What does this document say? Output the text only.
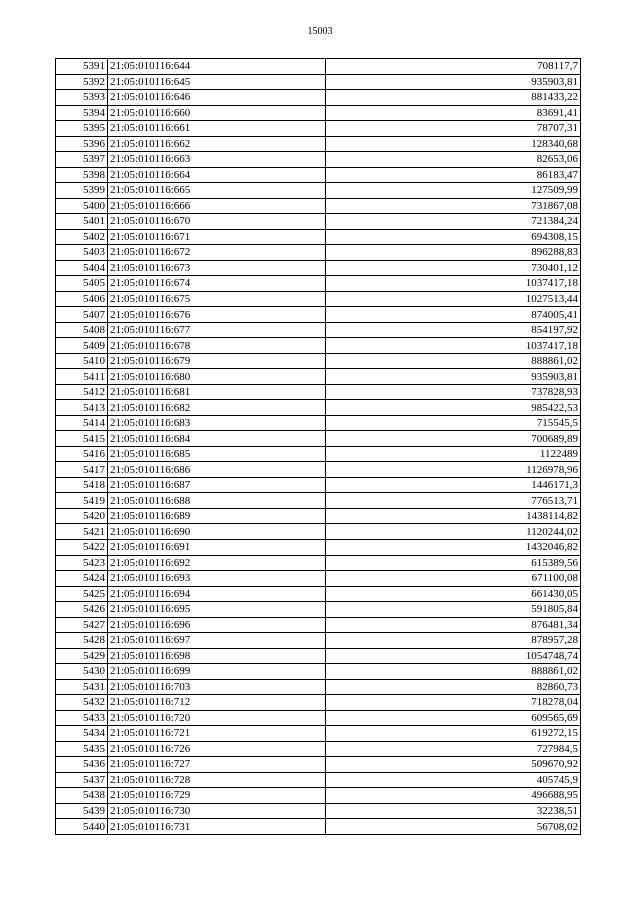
15003
5391	21:05:010116:644	708117,7
5392	21:05:010116:645	935903,81
5393	21:05:010116:646	881433,22
5394	21:05:010116:660	83691,41
5395	21:05:010116:661	78707,31
5396	21:05:010116:662	128340,68
5397	21:05:010116:663	82653,06
5398	21:05:010116:664	86183,47
5399	21:05:010116:665	127509,99
5400	21:05:010116:666	731867,08
5401	21:05:010116:670	721384,24
5402	21:05:010116:671	694308,15
5403	21:05:010116:672	896288,83
5404	21:05:010116:673	730401,12
5405	21:05:010116:674	1037417,18
5406	21:05:010116:675	1027513,44
5407	21:05:010116:676	874005,41
5408	21:05:010116:677	854197,92
5409	21:05:010116:678	1037417,18
5410	21:05:010116:679	888861,02
5411	21:05:010116:680	935903,81
5412	21:05:010116:681	737828,93
5413	21:05:010116:682	985422,53
5414	21:05:010116:683	715545,5
5415	21:05:010116:684	700689,89
5416	21:05:010116:685	1122489
5417	21:05:010116:686	1126978,96
5418	21:05:010116:687	1446171,3
5419	21:05:010116:688	776513,71
5420	21:05:010116:689	1438114,82
5421	21:05:010116:690	1120244,02
5422	21:05:010116:691	1432046,82
5423	21:05:010116:692	615389,56
5424	21:05:010116:693	671100,08
5425	21:05:010116:694	661430,05
5426	21:05:010116:695	591805,84
5427	21:05:010116:696	876481,34
5428	21:05:010116:697	878957,28
5429	21:05:010116:698	1054748,74
5430	21:05:010116:699	888861,02
5431	21:05:010116:703	82860,73
5432	21:05:010116:712	718278,04
5433	21:05:010116:720	609565,69
5434	21:05:010116:721	619272,15
5435	21:05:010116:726	727984,5
5436	21:05:010116:727	509670,92
5437	21:05:010116:728	405745,9
5438	21:05:010116:729	496688,95
5439	21:05:010116:730	32238,51
5440	21:05:010116:731	56708,02
